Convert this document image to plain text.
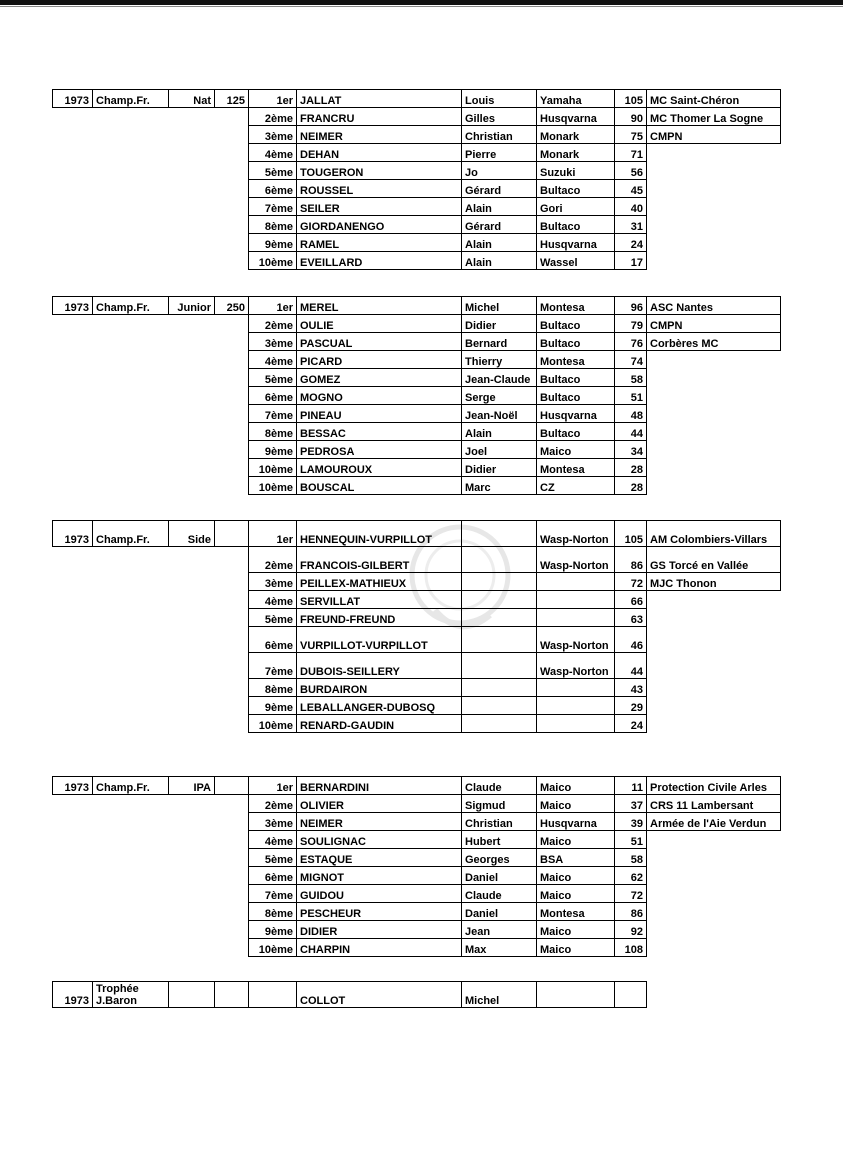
1973	Champ.Fr.	Nat	125	1er	JALLAT	Louis	Yamaha	105	MC Saint-Chéron
				2ème	FRANCRU	Gilles	Husqvarna	90	MC Thomer La Sogne
				3ème	NEIMER	Christian	Monark	75	CMPN
				4ème	DEHAN	Pierre	Monark	71	
				5ème	TOUGERON	Jo	Suzuki	56	
				6ème	ROUSSEL	Gérard	Bultaco	45	
				7ème	SEILER	Alain	Gori	40	
				8ème	GIORDANENGO	Gérard	Bultaco	31	
				9ème	RAMEL	Alain	Husqvarna	24	
				10ème	EVEILLARD	Alain	Wassel	17	
1973	Champ.Fr.	Junior	250	1er	MEREL	Michel	Montesa	96	ASC Nantes
				2ème	OULIE	Didier	Bultaco	79	CMPN
				3ème	PASCUAL	Bernard	Bultaco	76	Corbères MC
				4ème	PICARD	Thierry	Montesa	74	
				5ème	GOMEZ	Jean-Claude	Bultaco	58	
				6ème	MOGNO	Serge	Bultaco	51	
				7ème	PINEAU	Jean-Noël	Husqvarna	48	
				8ème	BESSAC	Alain	Bultaco	44	
				9ème	PEDROSA	Joel	Maico	34	
				10ème	LAMOUROUX	Didier	Montesa	28	
				10ème	BOUSCAL	Marc	CZ	28	
1973	Champ.Fr.	Side		1er	HENNEQUIN-VURPILLOT		Wasp-Norton	105	AM Colombiers-Villars
				2ème	FRANCOIS-GILBERT		Wasp-Norton	86	GS Torcé en Vallée
				3ème	PEILLEX-MATHIEUX			72	MJC Thonon
				4ème	SERVILLAT			66	
				5ème	FREUND-FREUND			63	
				6ème	VURPILLOT-VURPILLOT		Wasp-Norton	46	
				7ème	DUBOIS-SEILLERY		Wasp-Norton	44	
				8ème	BURDAIRON			43	
				9ème	LEBALLANGER-DUBOSQ			29	
				10ème	RENARD-GAUDIN			24	
1973	Champ.Fr.	IPA		1er	BERNARDINI	Claude	Maico	11	Protection Civile Arles
				2ème	OLIVIER	Sigmud	Maico	37	CRS 11 Lambersant
				3ème	NEIMER	Christian	Husqvarna	39	Armée de l'Aie Verdun
				4ème	SOULIGNAC	Hubert	Maico	51	
				5ème	ESTAQUE	Georges	BSA	58	
				6ème	MIGNOT	Daniel	Maico	62	
				7ème	GUIDOU	Claude	Maico	72	
				8ème	PESCHEUR	Daniel	Montesa	86	
				9ème	DIDIER	Jean	Maico	92	
				10ème	CHARPIN	Max	Maico	108	
1973	Trophée J.Baron				COLLOT	Michel		
